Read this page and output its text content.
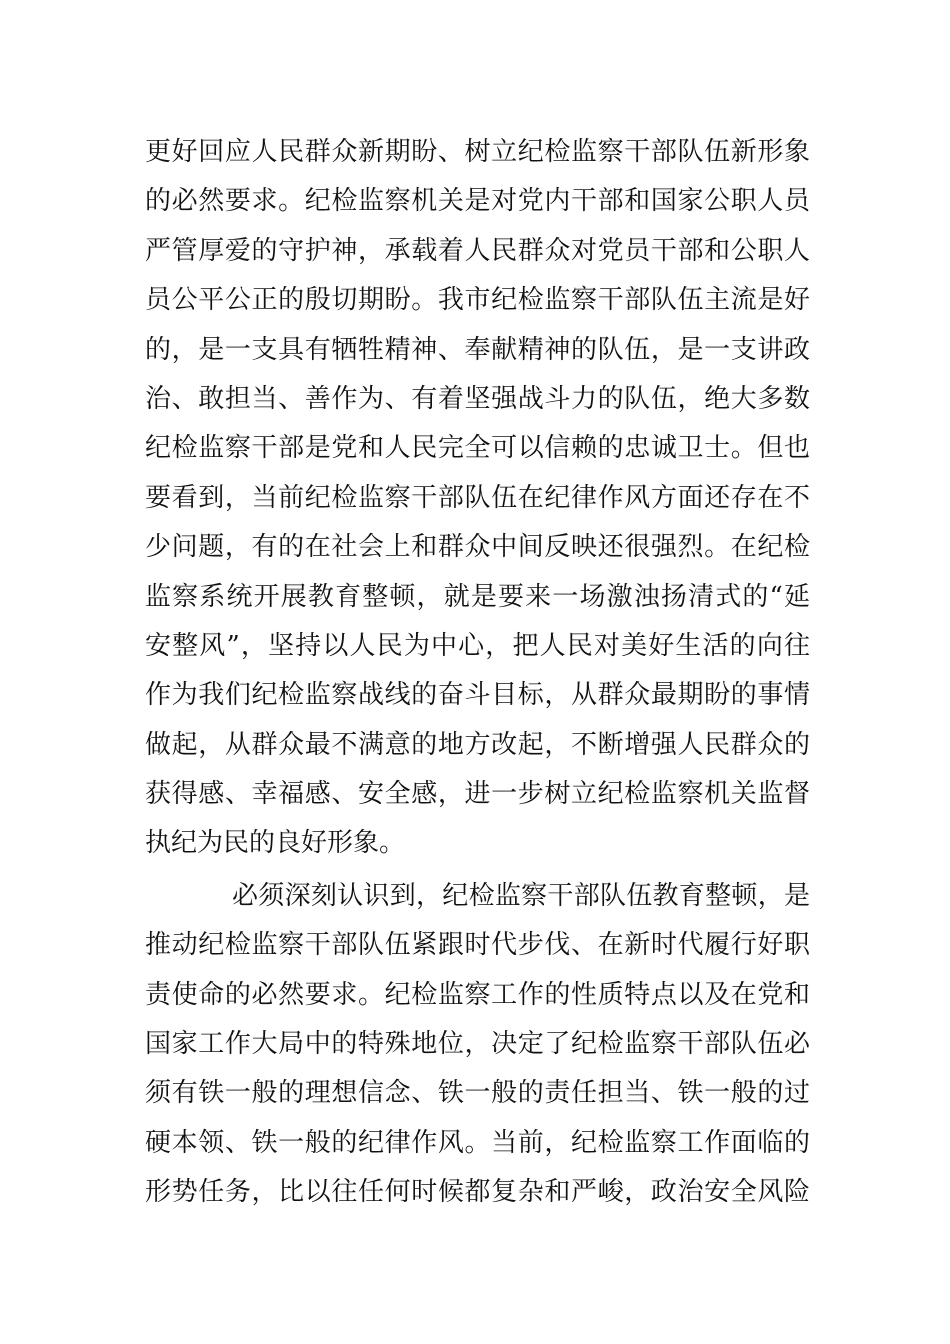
更好回应人民群众新期盼、树立纪检监察干部队伍新形象
的必然要求。纪检监察机关是对党内干部和国家公职人员
严管厚爱的守护神，承载着人民群众对党员干部和公职人
员公平公正的殷切期盼。我市纪检监察干部队伍主流是好
的，是一支具有牺牲精神、奉献精神的队伍，是一支讲政
治、敢担当、善作为、有着坚强战斗力的队伍，绝大多数
纪检监察干部是党和人民完全可以信赖的忠诚卫士。但也
要看到，当前纪检监察干部队伍在纪律作风方面还存在不
少问题，有的在社会上和群众中间反映还很强烈。在纪检
监察系统开展教育整顿，就是要来一场激浊扬清式的“延
安整风”，坚持以人民为中心，把人民对美好生活的向往
作为我们纪检监察战线的奋斗目标，从群众最期盼的事情
做起，从群众最不满意的地方改起，不断增强人民群众的
获得感、幸福感、安全感，进一步树立纪检监察机关监督
执纪为民的良好形象。
必须深刻认识到，纪检监察干部队伍教育整顿，是
推动纪检监察干部队伍紧跟时代步伐、在新时代履行好职
责使命的必然要求。纪检监察工作的性质特点以及在党和
国家工作大局中的特殊地位，决定了纪检监察干部队伍必
须有铁一般的理想信念、铁一般的责任担当、铁一般的过
硬本领、铁一般的纪律作风。当前，纪检监察工作面临的
形势任务，比以往任何时候都复杂和严峻，政治安全风险
